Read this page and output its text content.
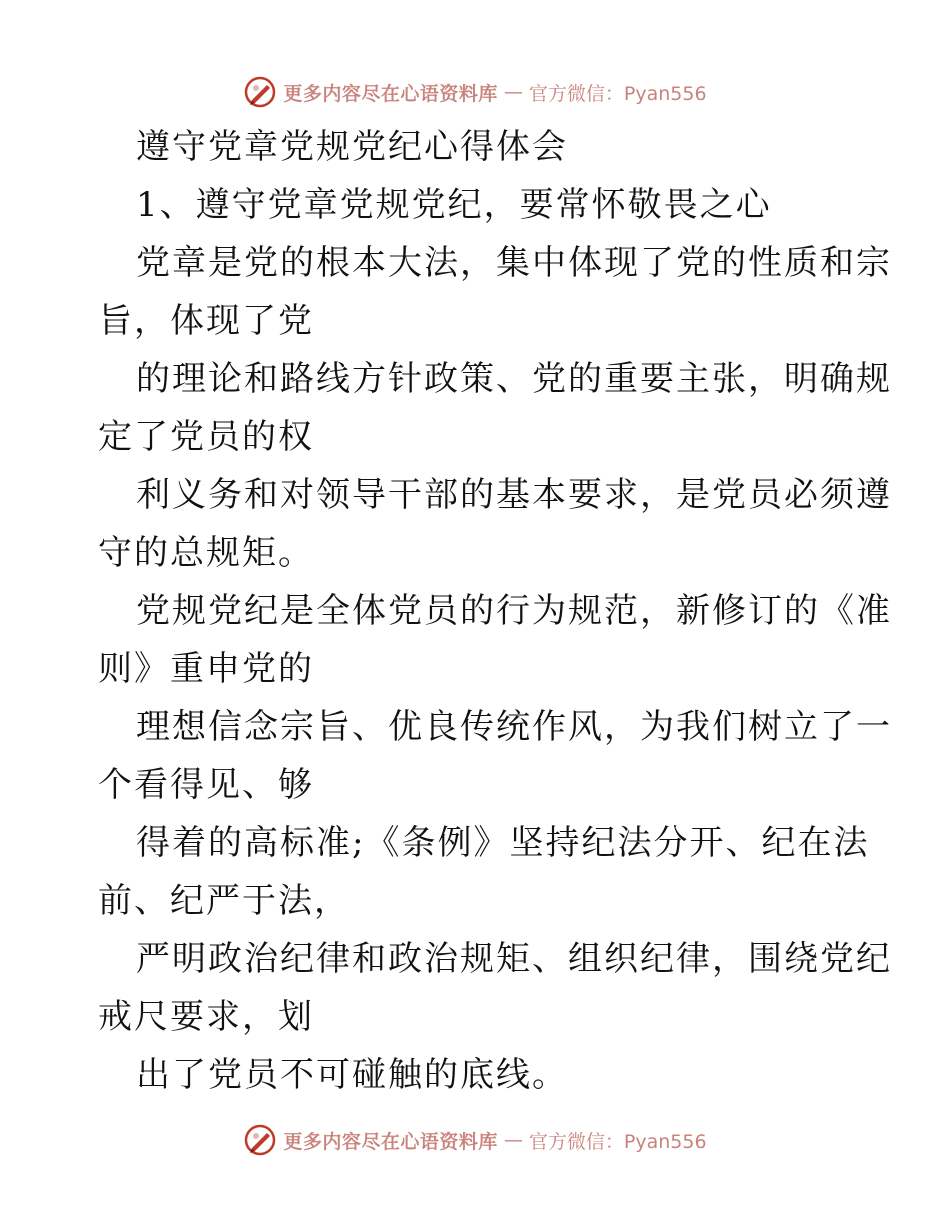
更多内容尽在心语资料库 — 官方微信：Pyan556
遵守党章党规党纪心得体会
1、遵守党章党规党纪，要常怀敬畏之心
党章是党的根本大法，集中体现了党的性质和宗
旨，体现了党
的理论和路线方针政策、党的重要主张，明确规
定了党员的权
利义务和对领导干部的基本要求，是党员必须遵
守的总规矩。
党规党纪是全体党员的行为规范，新修订的《准
则》重申党的
理想信念宗旨、优良传统作风，为我们树立了一
个看得见、够
得着的高标准;《条例》坚持纪法分开、纪在法
前、纪严于法，
严明政治纪律和政治规矩、组织纪律，围绕党纪
戒尺要求，划
出了党员不可碰触的底线。
更多内容尽在心语资料库 — 官方微信：Pyan556
